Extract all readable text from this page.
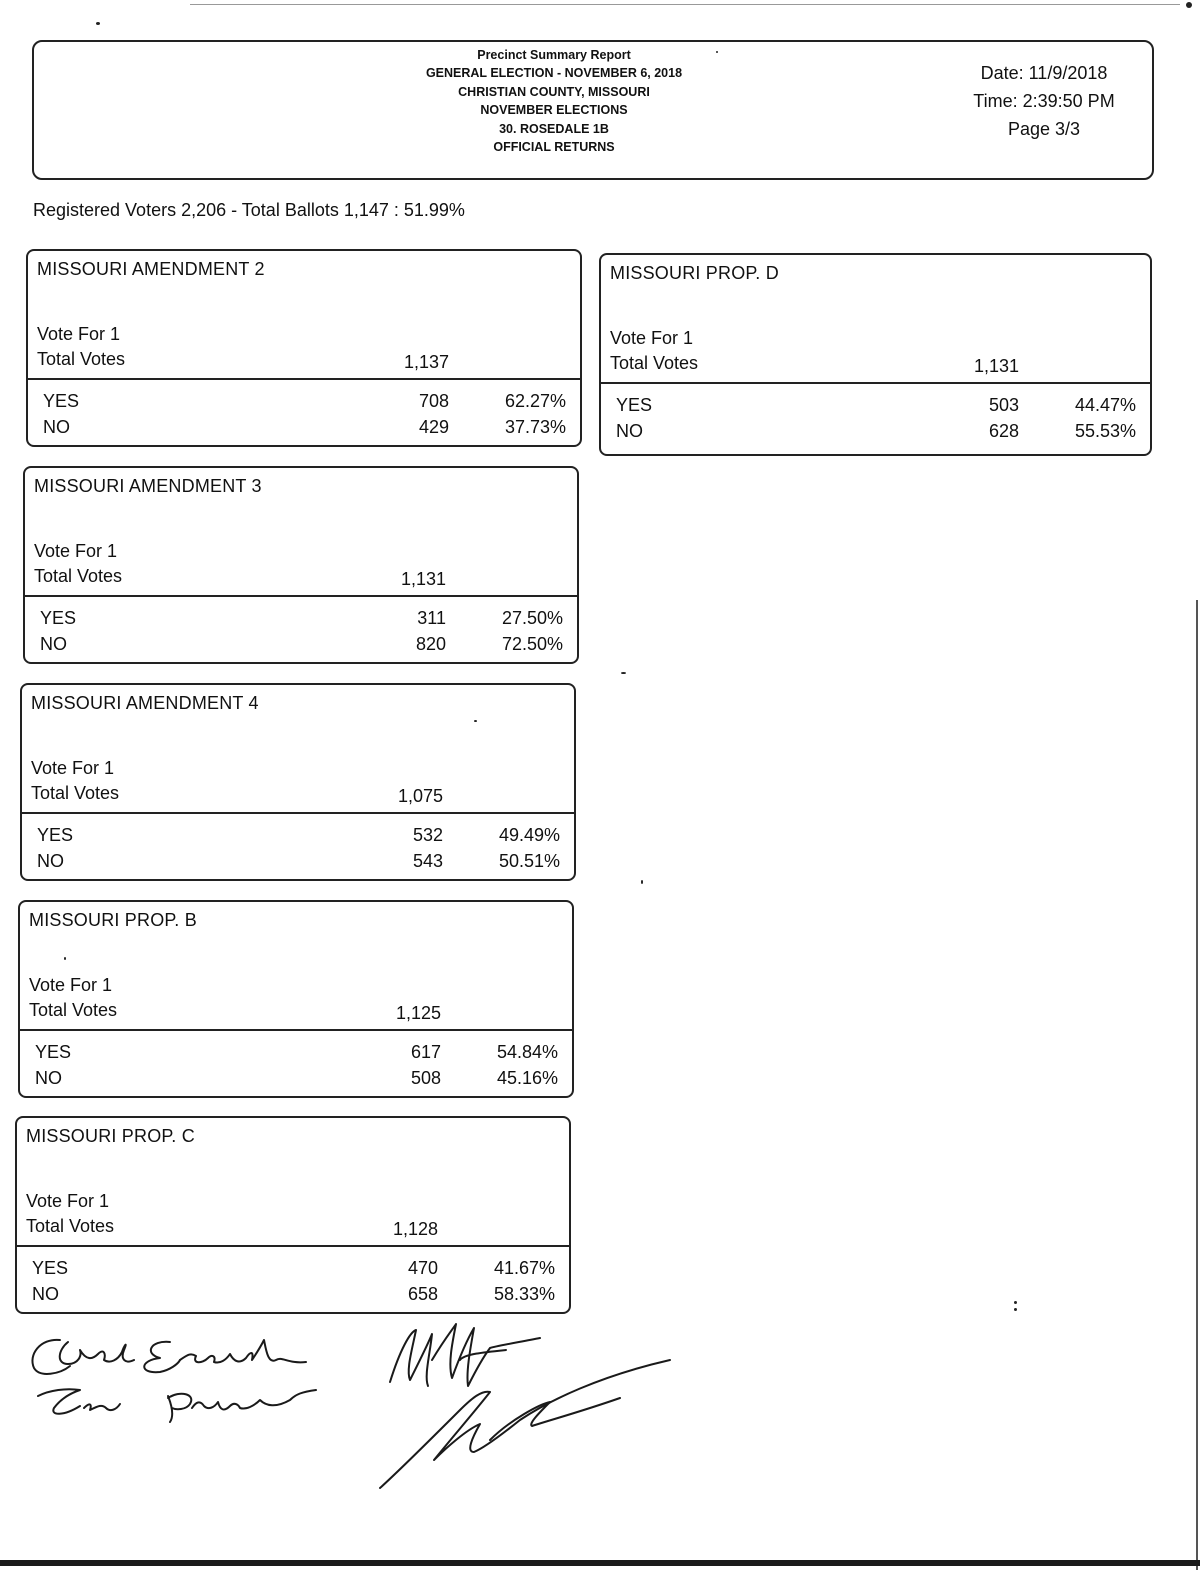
Precinct Summary Report
GENERAL ELECTION - NOVEMBER 6, 2018
CHRISTIAN COUNTY, MISSOURI
NOVEMBER ELECTIONS
30. ROSEDALE 1B
OFFICIAL RETURNS
Date: 11/9/2018
Time: 2:39:50 PM
Page 3/3
Registered Voters 2,206 - Total Ballots 1,147 : 51.99%
MISSOURI AMENDMENT 2
Vote For 1
Total Votes	1,137
YES	708	62.27%
NO	429	37.73%
MISSOURI AMENDMENT 3
Vote For 1
Total Votes	1,131
YES	311	27.50%
NO	820	72.50%
MISSOURI AMENDMENT 4
Vote For 1
Total Votes	1,075
YES	532	49.49%
NO	543	50.51%
MISSOURI PROP. B
Vote For 1
Total Votes	1,125
YES	617	54.84%
NO	508	45.16%
MISSOURI PROP. C
Vote For 1
Total Votes	1,128
YES	470	41.67%
NO	658	58.33%
MISSOURI PROP. D
Vote For 1
Total Votes	1,131
YES	503	44.47%
NO	628	55.53%
